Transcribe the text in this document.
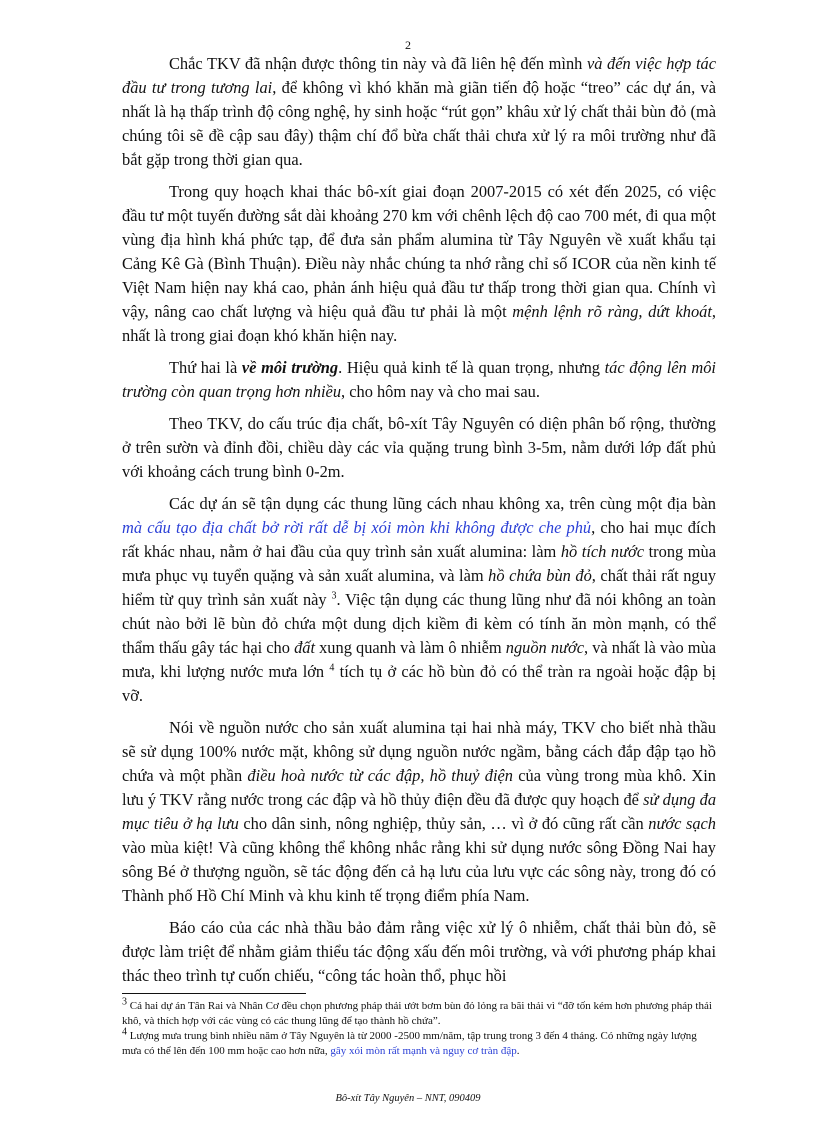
2

Chắc TKV đã nhận được thông tin này và đã liên hệ đến mình và đến việc hợp tác đầu tư trong tương lai, để không vì khó khăn mà giãn tiến độ hoặc “treo” các dự án, và nhất là hạ thấp trình độ công nghệ, hy sinh hoặc “rút gọn” khâu xử lý chất thải bùn đỏ (mà chúng tôi sẽ đề cập sau đây) thậm chí đổ bừa chất thải chưa xử lý ra môi trường như đã bắt gặp trong thời gian qua.

Trong quy hoạch khai thác bô-xít giai đoạn 2007-2015 có xét đến 2025, có việc đầu tư một tuyến đường sắt dài khoảng 270 km với chênh lệch độ cao 700 mét, đi qua một vùng địa hình khá phức tạp, để đưa sản phẩm alumina từ Tây Nguyên về xuất khẩu tại Cảng Kê Gà (Bình Thuận). Điều này nhắc chúng ta nhớ rằng chỉ số ICOR của nền kinh tế Việt Nam hiện nay khá cao, phản ánh hiệu quả đầu tư thấp trong thời gian qua. Chính vì vậy, nâng cao chất lượng và hiệu quả đầu tư phải là một mệnh lệnh rõ ràng, dứt khoát, nhất là trong giai đoạn khó khăn hiện nay.

Thứ hai là về môi trường. Hiệu quả kinh tế là quan trọng, nhưng tác động lên môi trường còn quan trọng hơn nhiều, cho hôm nay và cho mai sau.

Theo TKV, do cấu trúc địa chất, bô-xít Tây Nguyên có diện phân bố rộng, thường ở trên sườn và đỉnh đồi, chiều dày các vỉa quặng trung bình 3-5m, nằm dưới lớp đất phủ với khoảng cách trung bình 0-2m.

Các dự án sẽ tận dụng các thung lũng cách nhau không xa, trên cùng một địa bàn mà cấu tạo địa chất bở rời rất dễ bị xói mòn khi không được che phủ, cho hai mục đích rất khác nhau, nằm ở hai đầu của quy trình sản xuất alumina: làm hồ tích nước trong mùa mưa phục vụ tuyển quặng và sản xuất alumina, và làm hồ chứa bùn đỏ, chất thải rất nguy hiểm từ quy trình sản xuất này $^3$. Việc tận dụng các thung lũng như đã nói không an toàn chút nào bởi lẽ bùn đỏ chứa một dung dịch kiềm đi kèm có tính ăn mòn mạnh, có thể thẩm thấu gây tác hại cho đất xung quanh và làm ô nhiễm nguồn nước, và nhất là vào mùa mưa, khi lượng nước mưa lớn $^4$ tích tụ ở các hồ bùn đỏ có thể tràn ra ngoài hoặc đập bị vỡ.

Nói về nguồn nước cho sản xuất alumina tại hai nhà máy, TKV cho biết nhà thầu sẽ sử dụng 100% nước mặt, không sử dụng nguồn nước ngầm, bằng cách đắp đập tạo hồ chứa và một phần điều hoà nước từ các đập, hồ thuỷ điện của vùng trong mùa khô. Xin lưu ý TKV rằng nước trong các đập và hồ thủy điện đều đã được quy hoạch để sử dụng đa mục tiêu ở hạ lưu cho dân sinh, nông nghiệp, thủy sản, … vì ở đó cũng rất cần nước sạch vào mùa kiệt! Và cũng không thể không nhắc rằng khi sử dụng nước sông Đồng Nai hay sông Bé ở thượng nguồn, sẽ tác động đến cả hạ lưu của lưu vực các sông này, trong đó có Thành phố Hồ Chí Minh và khu kinh tế trọng điểm phía Nam.

Báo cáo của các nhà thầu bảo đảm rằng việc xử lý ô nhiễm, chất thải bùn đỏ, sẽ được làm triệt để nhằm giảm thiểu tác động xấu đến môi trường, và với phương pháp khai thác theo trình tự cuốn chiếu, “công tác hoàn thổ, phục hồi

$^3$ Cả hai dự án Tân Rai và Nhân Cơ đều chọn phương pháp thải ướt bơm bùn đỏ lỏng ra bãi thải vì “đỡ tốn kém hơn phương pháp thải khô, và thích hợp với các vùng có các thung lũng để tạo thành hồ chứa”.

$^4$ Lượng mưa trung bình nhiều năm ở Tây Nguyên là từ 2000 -2500 mm/năm, tập trung trong 3 đến 4 tháng. Có những ngày lượng mưa có thể lên đến 100 mm hoặc cao hơn nữa, gây xói mòn rất mạnh và nguy cơ tràn đập.

Bô-xít Tây Nguyên – NNT, 090409
